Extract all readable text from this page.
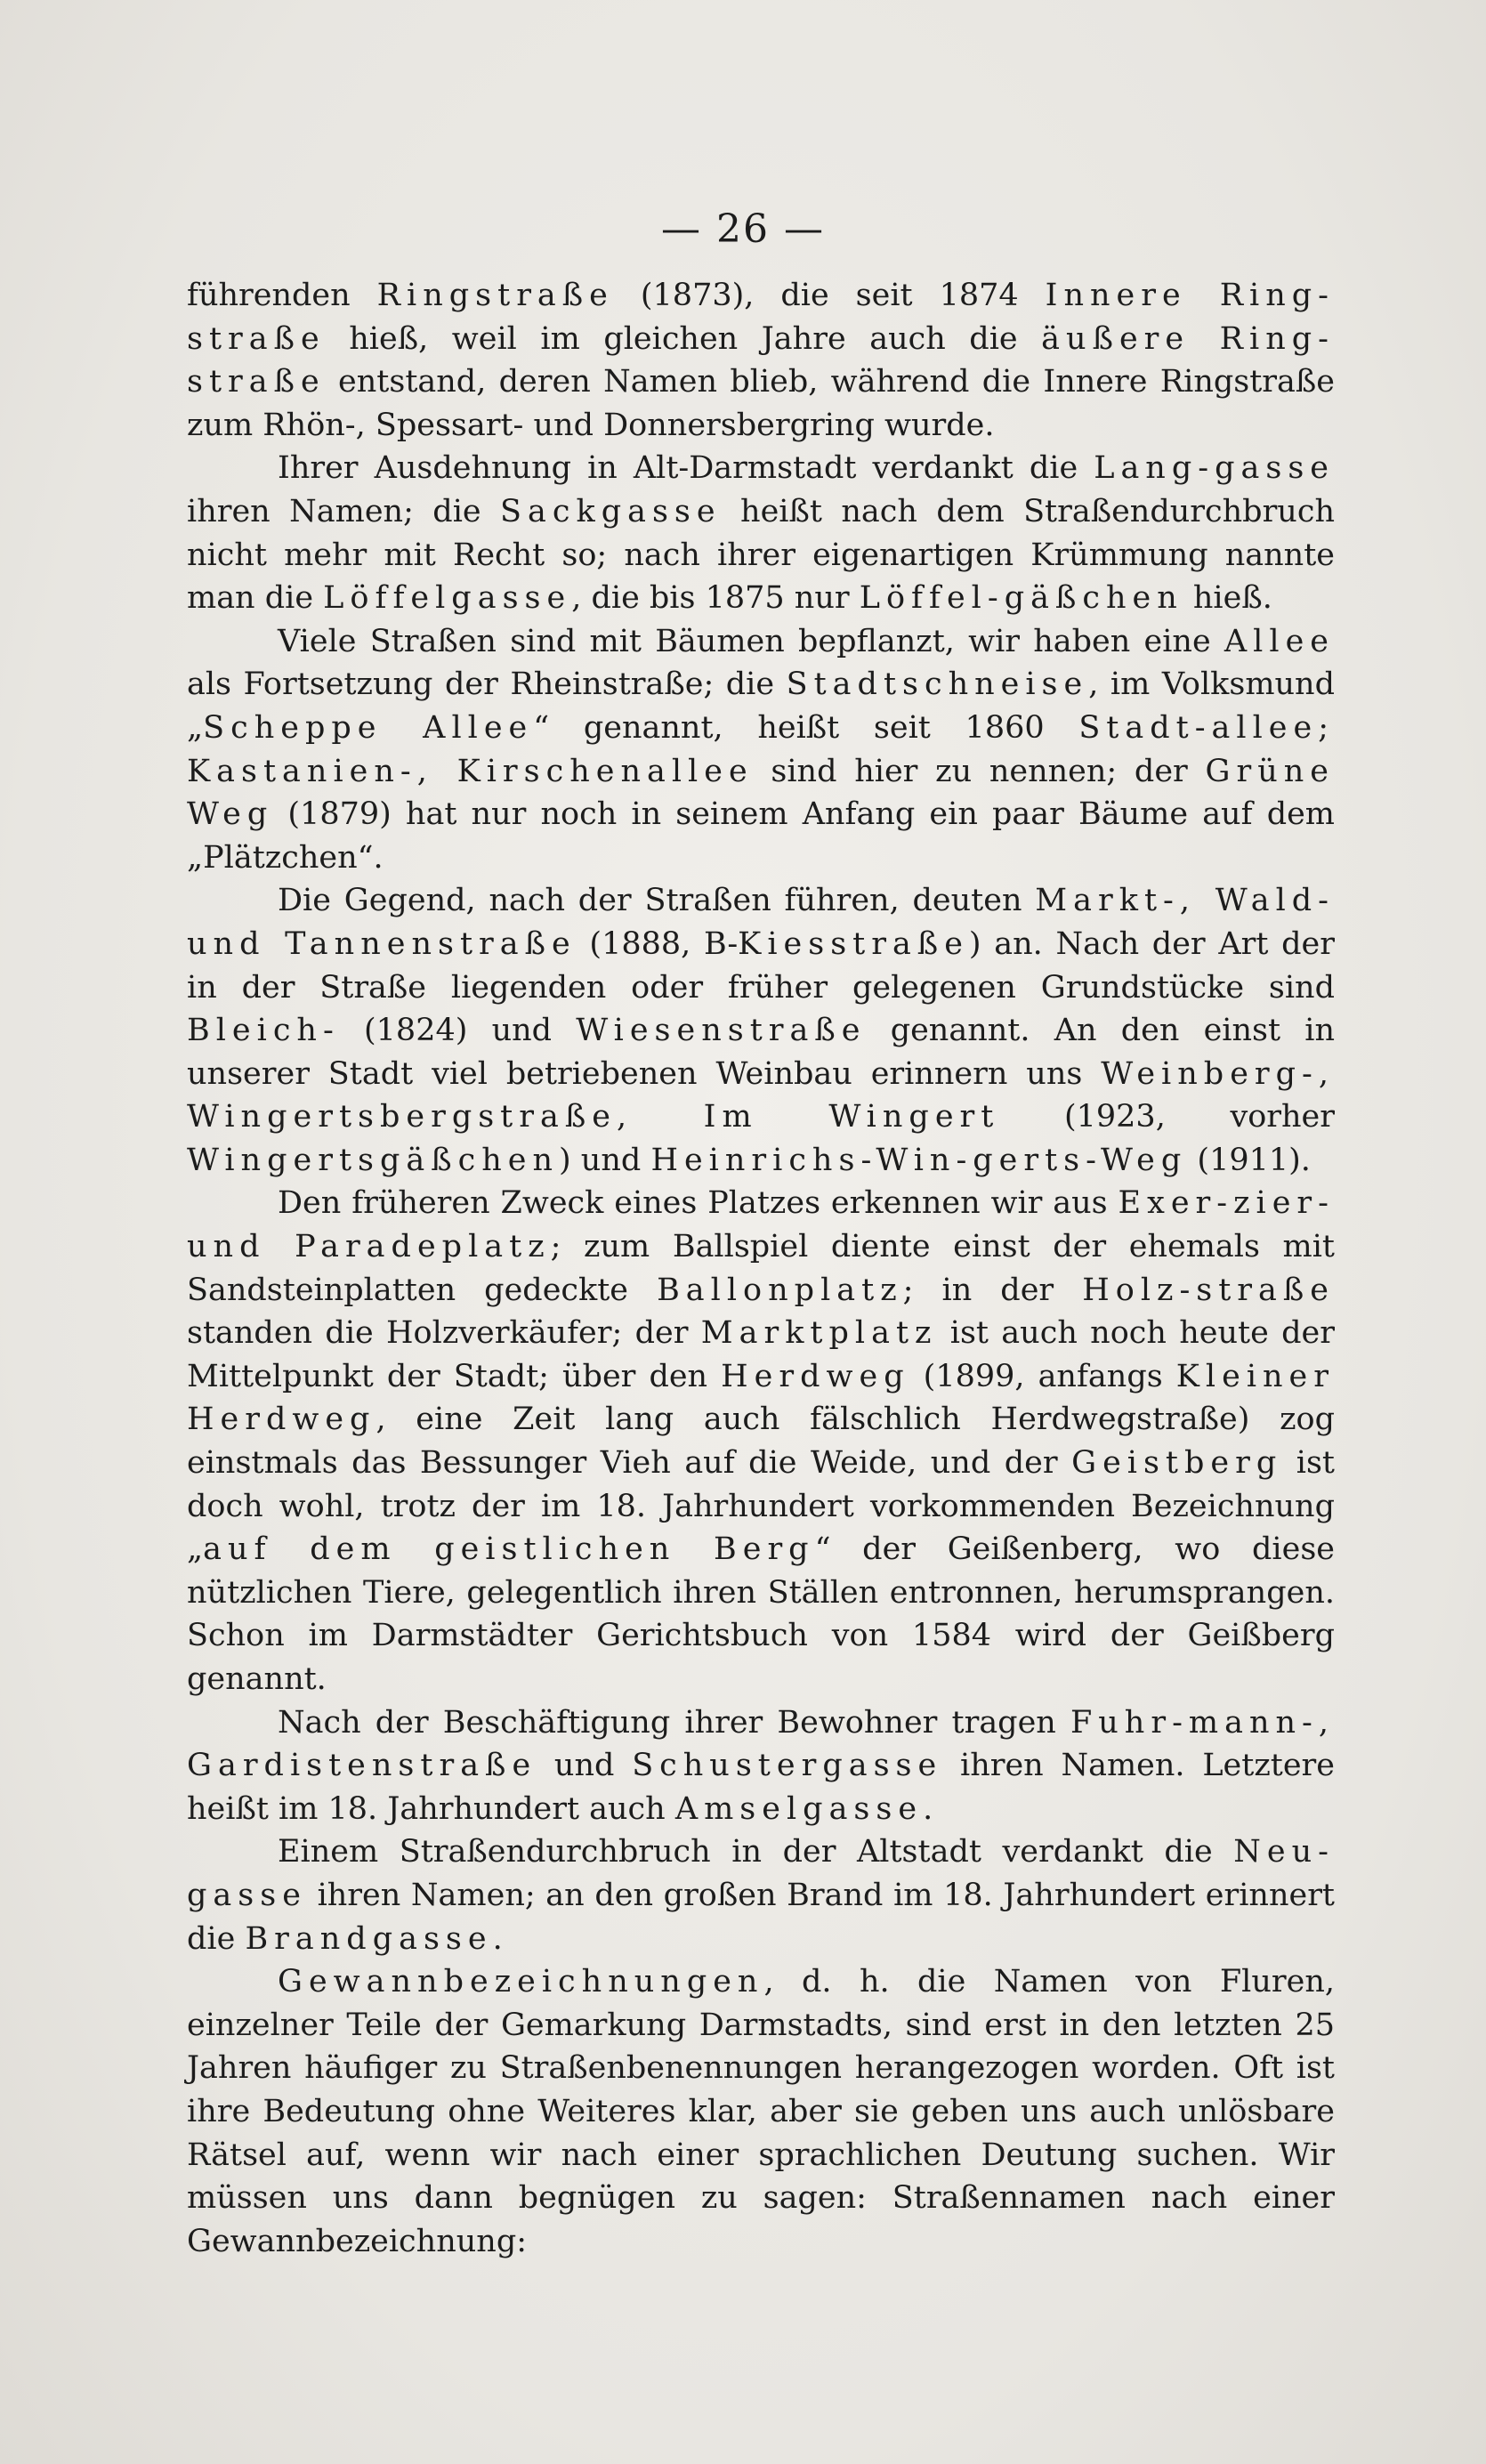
— 26 —

führenden Ringstraße (1873), die seit 1874 Innere Ring-straße hieß, weil im gleichen Jahre auch die äußere Ring-straße entstand, deren Namen blieb, während die Innere Ringstraße zum Rhön-, Spessart- und Donnersbergring wurde.

Ihrer Ausdehnung in Alt-Darmstadt verdankt die Lang-gasse ihren Namen; die Sackgasse heißt nach dem Straßendurchbruch nicht mehr mit Recht so; nach ihrer eigenartigen Krümmung nannte man die Löffelgasse, die bis 1875 nur Löffel-gäßchen hieß.

Viele Straßen sind mit Bäumen bepflanzt, wir haben eine Allee als Fortsetzung der Rheinstraße; die Stadtschneise, im Volksmund „Scheppe Allee“ genannt, heißt seit 1860 Stadt-allee; Kastanien-, Kirschenallee sind hier zu nennen; der Grüne Weg (1879) hat nur noch in seinem Anfang ein paar Bäume auf dem „Plätzchen“.

Die Gegend, nach der Straßen führen, deuten Markt-, Wald- und Tannenstraße (1888, B-Kiesstraße) an. Nach der Art der in der Straße liegenden oder früher gelegenen Grundstücke sind Bleich- (1824) und Wiesenstraße genannt. An den einst in unserer Stadt viel betriebenen Weinbau erinnern uns Weinberg-, Wingertsbergstraße, Im Wingert (1923, vorher Wingertsgäßchen) und Heinrichs-Win-gerts-Weg (1911).

Den früheren Zweck eines Platzes erkennen wir aus Exer-zier- und Paradeplatz; zum Ballspiel diente einst der ehemals mit Sandsteinplatten gedeckte Ballonplatz; in der Holz-straße standen die Holzverkäufer; der Marktplatz ist auch noch heute der Mittelpunkt der Stadt; über den Herdweg (1899, anfangs Kleiner Herdweg, eine Zeit lang auch fälschlich Herdwegstraße) zog einstmals das Bessunger Vieh auf die Weide, und der Geistberg ist doch wohl, trotz der im 18. Jahrhundert vorkommenden Bezeichnung „auf dem geistlichen Berg“ der Geißenberg, wo diese nützlichen Tiere, gelegentlich ihren Ställen entronnen, herumsprangen. Schon im Darmstädter Gerichtsbuch von 1584 wird der Geißberg genannt.

Nach der Beschäftigung ihrer Bewohner tragen Fuhr-mann-, Gardistenstraße und Schustergasse ihren Namen. Letztere heißt im 18. Jahrhundert auch Amselgasse.

Einem Straßendurchbruch in der Altstadt verdankt die Neu-gasse ihren Namen; an den großen Brand im 18. Jahrhundert erinnert die Brandgasse.

Gewannbezeichnungen, d. h. die Namen von Fluren, einzelner Teile der Gemarkung Darmstadts, sind erst in den letzten 25 Jahren häufiger zu Straßenbenennungen herangezogen worden. Oft ist ihre Bedeutung ohne Weiteres klar, aber sie geben uns auch unlösbare Rätsel auf, wenn wir nach einer sprachlichen Deutung suchen. Wir müssen uns dann begnügen zu sagen: Straßennamen nach einer Gewannbezeichnung:
